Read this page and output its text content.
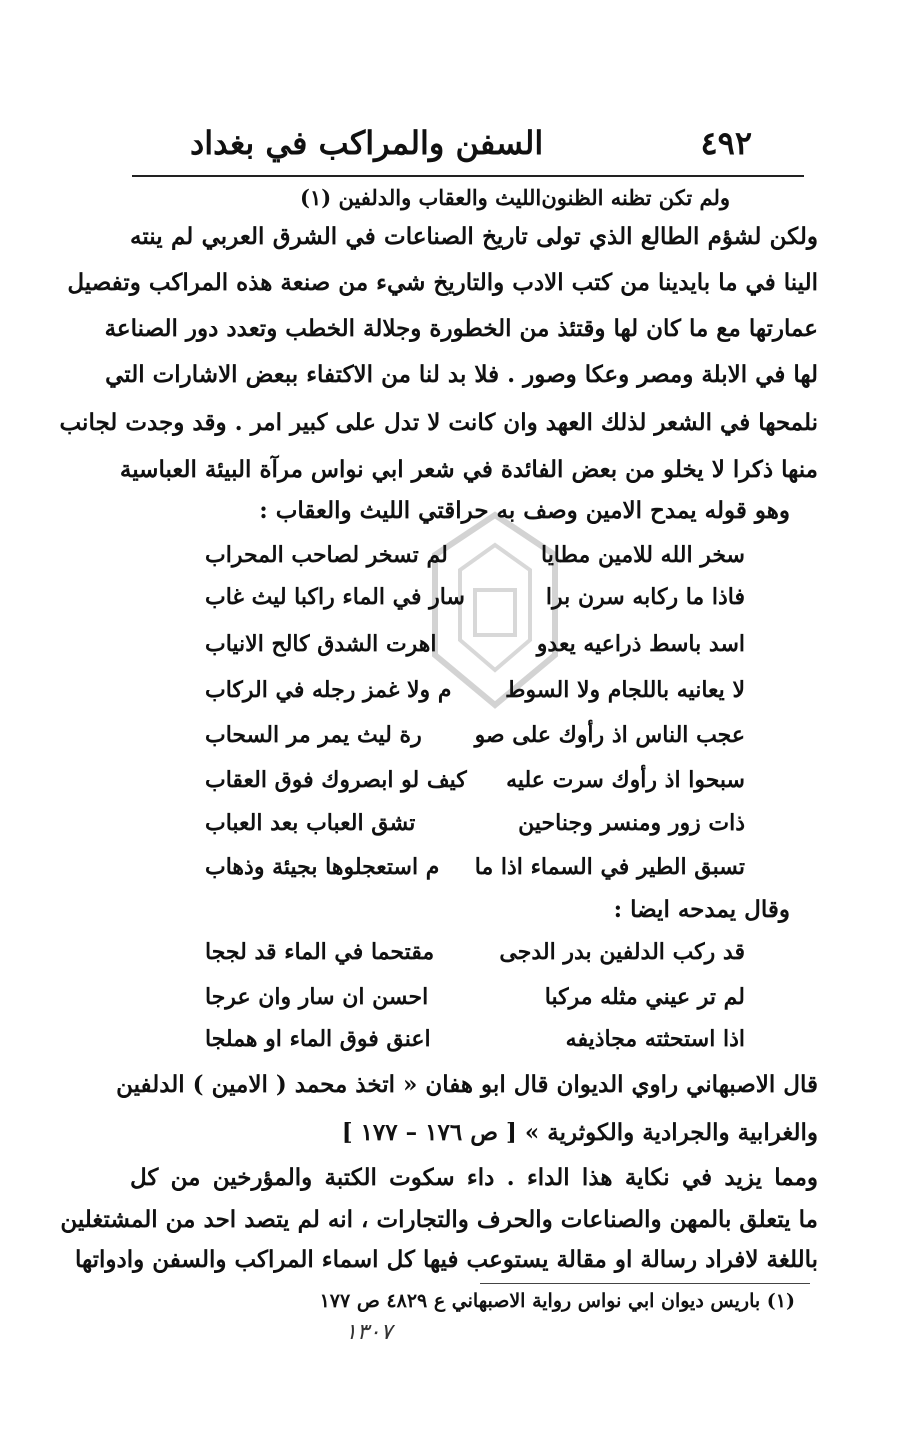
٤٩٢
السفن والمراكب في بغداد
ولم تكن تظنه الظنون
الليث والعقاب والدلفين (١)
ولكن لشؤم الطالع الذي تولى تاريخ الصناعات في الشرق العربي لم ينته
الينا في ما بايدينا من كتب الادب والتاريخ شيء من صنعة هذه المراكب وتفصيل
عمارتها مع ما كان لها وقتئذ من الخطورة وجلالة الخطب وتعدد دور الصناعة
لها في الابلة ومصر وعكا وصور . فلا بد لنا من الاكتفاء ببعض الاشارات التي
نلمحها في الشعر لذلك العهد وان كانت لا تدل على كبير امر . وقد وجدت لجانب
منها ذكرا لا يخلو من بعض الفائدة في شعر ابي نواس مرآة البيئة العباسية
وهو قوله يمدح الامين وصف به حراقتي الليث والعقاب :
سخر الله للامين مطايا
لم تسخر لصاحب المحراب
فاذا ما ركابه سرن برا
سار في الماء راكبا ليث غاب
اسد باسط ذراعيه يعدو
اهرت الشدق كالح الانياب
لا يعانيه باللجام ولا السوط
م ولا غمز رجله في الركاب
عجب الناس اذ رأوك على صو
رة ليث يمر مر السحاب
سبحوا اذ رأوك سرت عليه
كيف لو ابصروك فوق العقاب
ذات زور ومنسر وجناحين
تشق العباب بعد العباب
تسبق الطير في السماء اذا ما
م استعجلوها بجيئة وذهاب
وقال يمدحه ايضا :
قد ركب الدلفين بدر الدجى
مقتحما في الماء قد لججا
لم تر عيني مثله مركبا
احسن ان سار وان عرجا
اذا استحثته مجاذيفه
اعنق فوق الماء او هملجا
قال الاصبهاني راوي الديوان قال ابو هفان « اتخذ محمد ( الامين ) الدلفين
والغرابية والجرادية والكوثرية » [ ص ١٧٦ – ١٧٧ ]
ومما يزيد في نكاية هذا الداء . داء سكوت الكتبة والمؤرخين من كل
ما يتعلق بالمهن والصناعات والحرف والتجارات ، انه لم يتصد احد من المشتغلين
باللغة لافراد رسالة او مقالة يستوعب فيها كل اسماء المراكب والسفن وادواتها
(١) باريس ديوان ابي نواس رواية الاصبهاني ع ٤٨٢٩ ص ١٧٧
١٣٠٧
